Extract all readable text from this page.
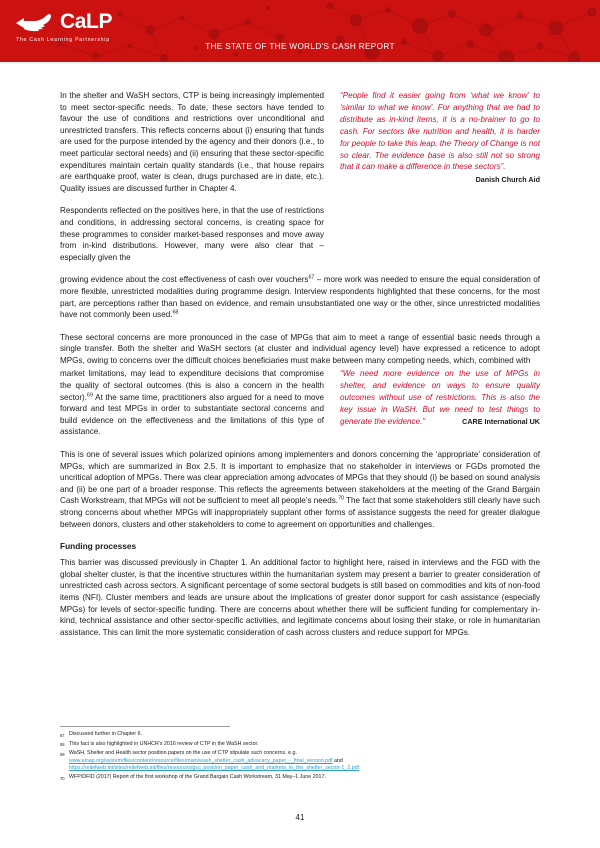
CaLP
The Cash Learning Partnership
THE STATE OF THE WORLD'S CASH REPORT
“People find it easier going from ‘what we know’ to ‘similar to what we know’. For anything that we had to distribute as in-kind items, it is a no-brainer to go to cash. For sectors like nutrition and health, it is harder for people to take this leap, the Theory of Change is not so clear. The evidence base is also still not so strong that it can make a difference in these sectors”.
Danish Church Aid

In the shelter and WaSH sectors, CTP is being increasingly implemented to meet sector-specific needs. To date, these sectors have tended to favour the use of conditions and restrictions over unconditional and unrestricted transfers. This reflects concerns about (i) ensuring that funds are used for the purpose intended by the agency and their donors (i.e., to meet particular sectoral needs) and (ii) ensuring that these sector-specific expenditures maintain certain quality standards (i.e., that house repairs are earthquake proof, water is clean, drugs purchased are in date, etc.). Quality issues are discussed further in Chapter 4.

Respondents reflected on the positives here, in that the use of restrictions and conditions, in addressing sectoral concerns, is creating space for these programmes to consider market-based responses and move away from in-kind distributions. However, many were also clear that – especially given the

growing evidence about the cost effectiveness of cash over vouchers$^{67}$ – more work was needed to ensure the equal consideration of more flexible, unrestricted modalities during programme design. Interview respondents highlighted that these concerns, for the most part, are perceptions rather than based on evidence, and remain unsubstantiated one way or the other, since unrestricted modalities have not commonly been used.$^{68}$

These sectoral concerns are more pronounced in the case of MPGs that aim to meet a range of essential basic needs through a single transfer. Both the shelter and WaSH sectors (at cluster and individual agency level) have expressed a reticence to adopt MPGs, owing to concerns over the difficult choices beneficiaries must make between many competing needs, which, combined with

“We need more evidence on the use of MPGs in shelter, and evidence on ways to ensure quality outcomes without use of restrictions. This is also the key issue in WaSH. But we need to test things to generate the evidence.”	CARE International UK

market limitations, may lead to expenditure decisions that compromise the quality of sectoral outcomes (this is also a concern in the health sector).$^{69}$ At the same time, practitioners also argued for a need to move forward and test MPGs in order to substantiate sectoral concerns and build evidence on the effectiveness and the limitations of this type of assistance.

This is one of several issues which polarized opinions among implementers and donors concerning the ‘appropriate’ consideration of MPGs, which are summarized in Box 2.5. It is important to emphasize that no stakeholder in interviews or FGDs promoted the uncritical adoption of MPGs. There was clear appreciation among advocates of MPGs that they should (i) be based on sound analysis and (ii) be one part of a broader response. This reflects the agreements between stakeholders at the meeting of the Grand Bargain Cash Workstream, that MPGs will not be sufficient to meet all people’s needs.$^{70}$ The fact that some stakeholders still clearly have such strong concerns about whether MPGs will inappropriately supplant other forms of assistance suggests the need for greater dialogue between donors, clusters and other stakeholders to come to agreement on opportunities and challenges.

Funding processes

This barrier was discussed previously in Chapter 1. An additional factor to highlight here, raised in interviews and the FGD with the global shelter cluster, is that the incentive structures within the humanitarian system may present a barrier to greater consideration of unrestricted cash across sectors. A significant percentage of some sectoral budgets is still based on commodities and kits of non-food items (NFI). Cluster members and leads are unsure about the implications of greater donor support for cash assistance (especially MPGs) for levels of sector-specific funding. There are concerns about whether there will be sufficient funding for complementary in-kind, technical assistance and other sector-specific activities, and legitimate concerns about losing their stake, or role in humanitarian assistance. This can limit the more systematic consideration of cash across clusters and reduce support for MPGs.

67 Discussed further in Chapter 6.
68 This fact is also highlighted in UNHCR’s 2016 review of CTP in the WaSH sector.
69 WaSH, Shelter and Health sector position papers on the use of CTP stipulate such concerns. e.g.
www.alnap.org/system/files/content/resource/files/main/wash_shelter_cash_advocacy_paper_-_final_version.pdf and
https://reliefweb.int/sites/reliefweb.int/files/resources/gsc_position_paper_cash_and_markets_in_the_shelter_sector-1_2.pdf
70 WFP/DFID (2017) Report of the first workshop of the Grand Bargain Cash Workstream, 31 May–1 June 2017.
41
